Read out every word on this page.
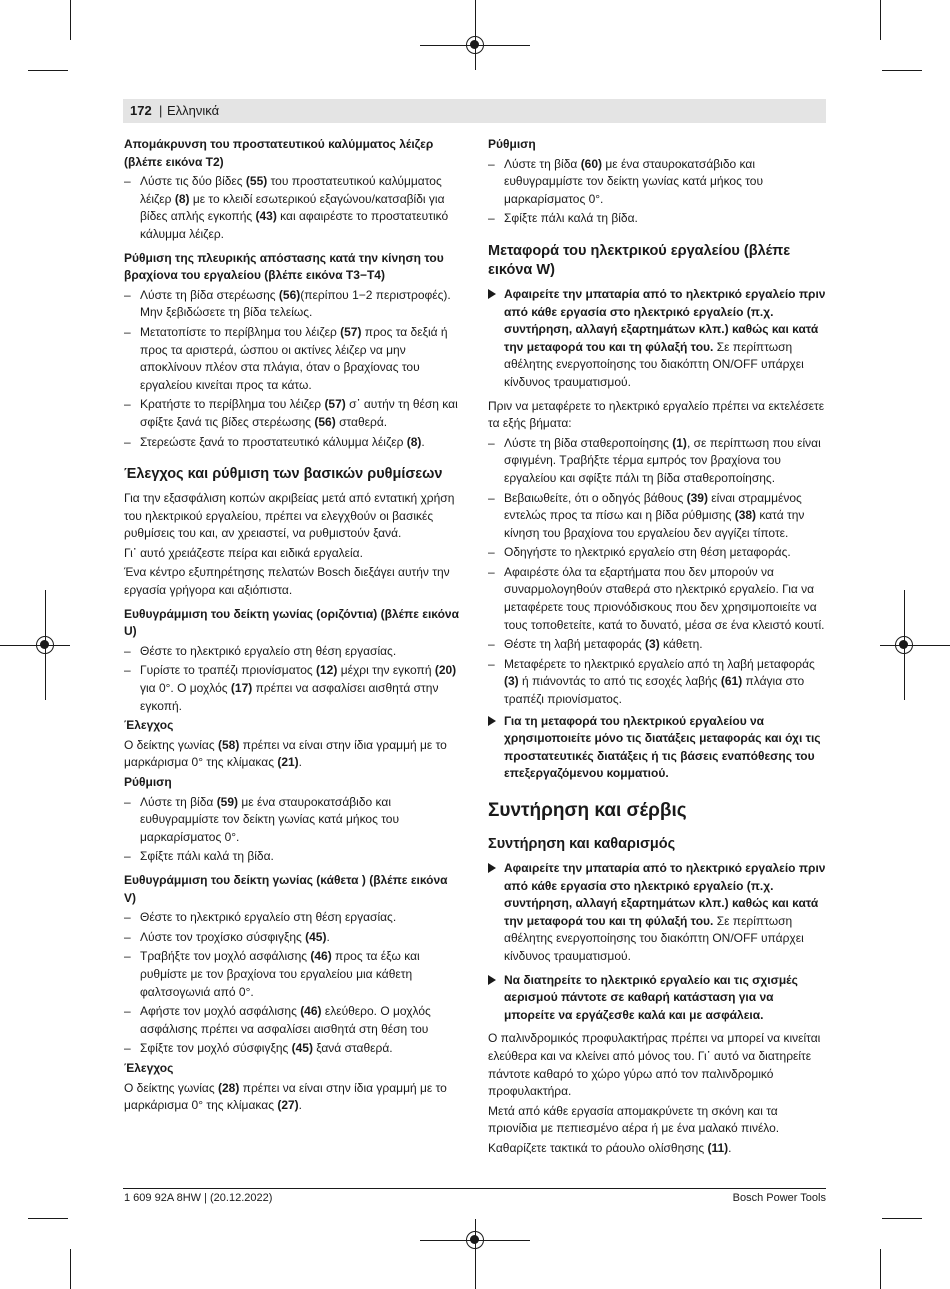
172 | Ελληνικά
Απομάκρυνση του προστατευτικού καλύμματος λέιζερ (βλέπε εικόνα T2)
– Λύστε τις δύο βίδες (55) του προστατευτικού καλύμματος λέιζερ (8) με το κλειδί εσωτερικού εξαγώνου/κατσαβίδι για βίδες απλής εγκοπής (43) και αφαιρέστε το προστατευτικό κάλυμμα λέιζερ.
Ρύθμιση της πλευρικής απόστασης κατά την κίνηση του βραχίονα του εργαλείου (βλέπε εικόνα T3−T4)
– Λύστε τη βίδα στερέωσης (56)(περίπου 1−2 περιστροφές).
Μην ξεβιδώσετε τη βίδα τελείως.
– Μετατοπίστε το περίβλημα του λέιζερ (57) προς τα δεξιά ή προς τα αριστερά, ώσπου οι ακτίνες λέιζερ να μην αποκλίνουν πλέον στα πλάγια, όταν ο βραχίονας του εργαλείου κινείται προς τα κάτω.
– Κρατήστε το περίβλημα του λέιζερ (57) σ᾽ αυτήν τη θέση και σφίξτε ξανά τις βίδες στερέωσης (56) σταθερά.
– Στερεώστε ξανά το προστατευτικό κάλυμμα λέιζερ (8).
Έλεγχος και ρύθμιση των βασικών ρυθμίσεων
Για την εξασφάλιση κοπών ακριβείας μετά από εντατική χρήση του ηλεκτρικού εργαλείου, πρέπει να ελεγχθούν οι βασικές ρυθμίσεις του και, αν χρειαστεί, να ρυθμιστούν ξανά.
Γι᾽ αυτό χρειάζεστε πείρα και ειδικά εργαλεία.
Ένα κέντρο εξυπηρέτησης πελατών Bosch διεξάγει αυτήν την εργασία γρήγορα και αξιόπιστα.
Ευθυγράμμιση του δείκτη γωνίας (οριζόντια) (βλέπε εικόνα U)
– Θέστε το ηλεκτρικό εργαλείο στη θέση εργασίας.
– Γυρίστε το τραπέζι πριονίσματος (12) μέχρι την εγκοπή (20) για 0°. Ο μοχλός (17) πρέπει να ασφαλίσει αισθητά στην εγκοπή.
Έλεγχος
Ο δείκτης γωνίας (58) πρέπει να είναι στην ίδια γραμμή με το μαρκάρισμα 0° της κλίμακας (21).
Ρύθμιση
– Λύστε τη βίδα (59) με ένα σταυροκατσάβιδο και ευθυγραμμίστε τον δείκτη γωνίας κατά μήκος του μαρκαρίσματος 0°.
– Σφίξτε πάλι καλά τη βίδα.
Ευθυγράμμιση του δείκτη γωνίας (κάθετα ) (βλέπε εικόνα V)
– Θέστε το ηλεκτρικό εργαλείο στη θέση εργασίας.
– Λύστε τον τροχίσκο σύσφιγξης (45).
– Τραβήξτε τον μοχλό ασφάλισης (46) προς τα έξω και ρυθμίστε με τον βραχίονα του εργαλείου μια κάθετη φαλτσογωνιά από 0°.
– Αφήστε τον μοχλό ασφάλισης (46) ελεύθερο. Ο μοχλός ασφάλισης πρέπει να ασφαλίσει αισθητά στη θέση του
– Σφίξτε τον μοχλό σύσφιγξης (45) ξανά σταθερά.
Έλεγχος
Ο δείκτης γωνίας (28) πρέπει να είναι στην ίδια γραμμή με το μαρκάρισμα 0° της κλίμακας (27).
Ρύθμιση
– Λύστε τη βίδα (60) με ένα σταυροκατσάβιδο και ευθυγραμμίστε τον δείκτη γωνίας κατά μήκος του μαρκαρίσματος 0°.
– Σφίξτε πάλι καλά τη βίδα.
Μεταφορά του ηλεκτρικού εργαλείου (βλέπε εικόνα W)
Αφαιρείτε την μπαταρία από το ηλεκτρικό εργαλείο πριν από κάθε εργασία στο ηλεκτρικό εργαλείο (π.χ. συντήρηση, αλλαγή εξαρτημάτων κλπ.) καθώς και κατά την μεταφορά του και τη φύλαξή του. Σε περίπτωση αθέλητης ενεργοποίησης του διακόπτη ON/OFF υπάρχει κίνδυνος τραυματισμού.
Πριν να μεταφέρετε το ηλεκτρικό εργαλείο πρέπει να εκτελέσετε τα εξής βήματα:
– Λύστε τη βίδα σταθεροποίησης (1), σε περίπτωση που είναι σφιγμένη. Τραβήξτε τέρμα εμπρός τον βραχίονα του εργαλείου και σφίξτε πάλι τη βίδα σταθεροποίησης.
– Βεβαιωθείτε, ότι ο οδηγός βάθους (39) είναι στραμμένος εντελώς προς τα πίσω και η βίδα ρύθμισης (38) κατά την κίνηση του βραχίονα του εργαλείου δεν αγγίζει τίποτε.
– Οδηγήστε το ηλεκτρικό εργαλείο στη θέση μεταφοράς.
– Αφαιρέστε όλα τα εξαρτήματα που δεν μπορούν να συναρμολογηθούν σταθερά στο ηλεκτρικό εργαλείο. Για να μεταφέρετε τους πριονόδισκους που δεν χρησιμοποιείτε να τους τοποθετείτε, κατά το δυνατό, μέσα σε ένα κλειστό κουτί.
– Θέστε τη λαβή μεταφοράς (3) κάθετη.
– Μεταφέρετε το ηλεκτρικό εργαλείο από τη λαβή μεταφοράς (3) ή πιάνοντάς το από τις εσοχές λαβής (61) πλάγια στο τραπέζι πριονίσματος.
Για τη μεταφορά του ηλεκτρικού εργαλείου να χρησιμοποιείτε μόνο τις διατάξεις μεταφοράς και όχι τις προστατευτικές διατάξεις ή τις βάσεις εναπόθεσης του επεξεργαζόμενου κομματιού.
Συντήρηση και σέρβις
Συντήρηση και καθαρισμός
Αφαιρείτε την μπαταρία από το ηλεκτρικό εργαλείο πριν από κάθε εργασία στο ηλεκτρικό εργαλείο (π.χ. συντήρηση, αλλαγή εξαρτημάτων κλπ.) καθώς και κατά την μεταφορά του και τη φύλαξή του. Σε περίπτωση αθέλητης ενεργοποίησης του διακόπτη ON/OFF υπάρχει κίνδυνος τραυματισμού.
Να διατηρείτε το ηλεκτρικό εργαλείο και τις σχισμές αερισμού πάντοτε σε καθαρή κατάσταση για να μπορείτε να εργάζεσθε καλά και με ασφάλεια.
Ο παλινδρομικός προφυλακτήρας πρέπει να μπορεί να κινείται ελεύθερα και να κλείνει από μόνος του. Γι᾽ αυτό να διατηρείτε πάντοτε καθαρό το χώρο γύρω από τον παλινδρομικό προφυλακτήρα.
Μετά από κάθε εργασία απομακρύνετε τη σκόνη και τα πριονίδια με πεπιεσμένο αέρα ή με ένα μαλακό πινέλο.
Καθαρίζετε τακτικά το ράουλο ολίσθησης (11).
1 609 92A 8HW | (20.12.2022)	Bosch Power Tools
